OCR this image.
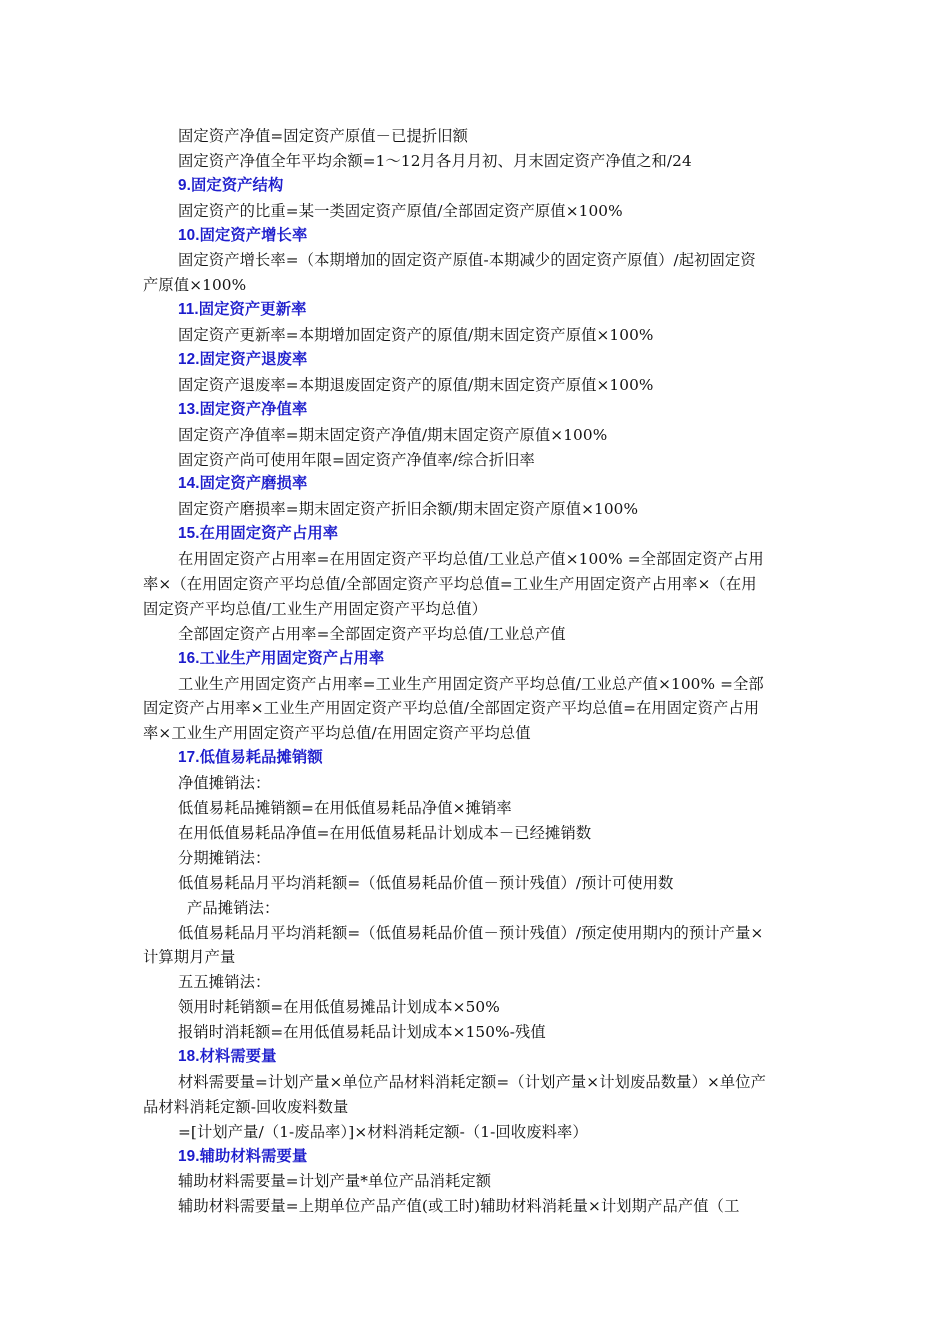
固定资产净值=固定资产原值－已提折旧额

固定资产净值全年平均余额=1～12月各月月初、月末固定资产净值之和/24

9.固定资产结构

固定资产的比重=某一类固定资产原值/全部固定资产原值×100%

10.固定资产增长率

固定资产增长率=（本期增加的固定资产原值-本期减少的固定资产原值）/起初固定资

产原值×100%

11.固定资产更新率

固定资产更新率=本期增加固定资产的原值/期末固定资产原值×100%

12.固定资产退废率

固定资产退废率=本期退废固定资产的原值/期末固定资产原值×100%

13.固定资产净值率

固定资产净值率=期末固定资产净值/期末固定资产原值×100%

固定资产尚可使用年限=固定资产净值率/综合折旧率

14.固定资产磨损率

固定资产磨损率=期末固定资产折旧余额/期末固定资产原值×100%

15.在用固定资产占用率

在用固定资产占用率=在用固定资产平均总值/工业总产值×100% =全部固定资产占用

率×（在用固定资产平均总值/全部固定资产平均总值=工业生产用固定资产占用率×（在用

固定资产平均总值/工业生产用固定资产平均总值）

全部固定资产占用率=全部固定资产平均总值/工业总产值

16.工业生产用固定资产占用率

工业生产用固定资产占用率=工业生产用固定资产平均总值/工业总产值×100% =全部

固定资产占用率×工业生产用固定资产平均总值/全部固定资产平均总值=在用固定资产占用

率×工业生产用固定资产平均总值/在用固定资产平均总值

17.低值易耗品摊销额

净值摊销法：

低值易耗品摊销额=在用低值易耗品净值×摊销率

在用低值易耗品净值=在用低值易耗品计划成本－已经摊销数

分期摊销法：

低值易耗品月平均消耗额=（低值易耗品价值－预计残值）/预计可使用数

产品摊销法：

低值易耗品月平均消耗额=（低值易耗品价值－预计残值）/预定使用期内的预计产量×

计算期月产量

五五摊销法：

领用时耗销额=在用低值易摊品计划成本×50%

报销时消耗额=在用低值易耗品计划成本×150%-残值

18.材料需要量

材料需要量=计划产量×单位产品材料消耗定额=（计划产量×计划废品数量）×单位产

品材料消耗定额-回收废料数量

=[计划产量/（1-废品率）]×材料消耗定额-（1-回收废料率）

19.辅助材料需要量

辅助材料需要量=计划产量*单位产品消耗定额

辅助材料需要量=上期单位产品产值(或工时)辅助材料消耗量×计划期产品产值（工
